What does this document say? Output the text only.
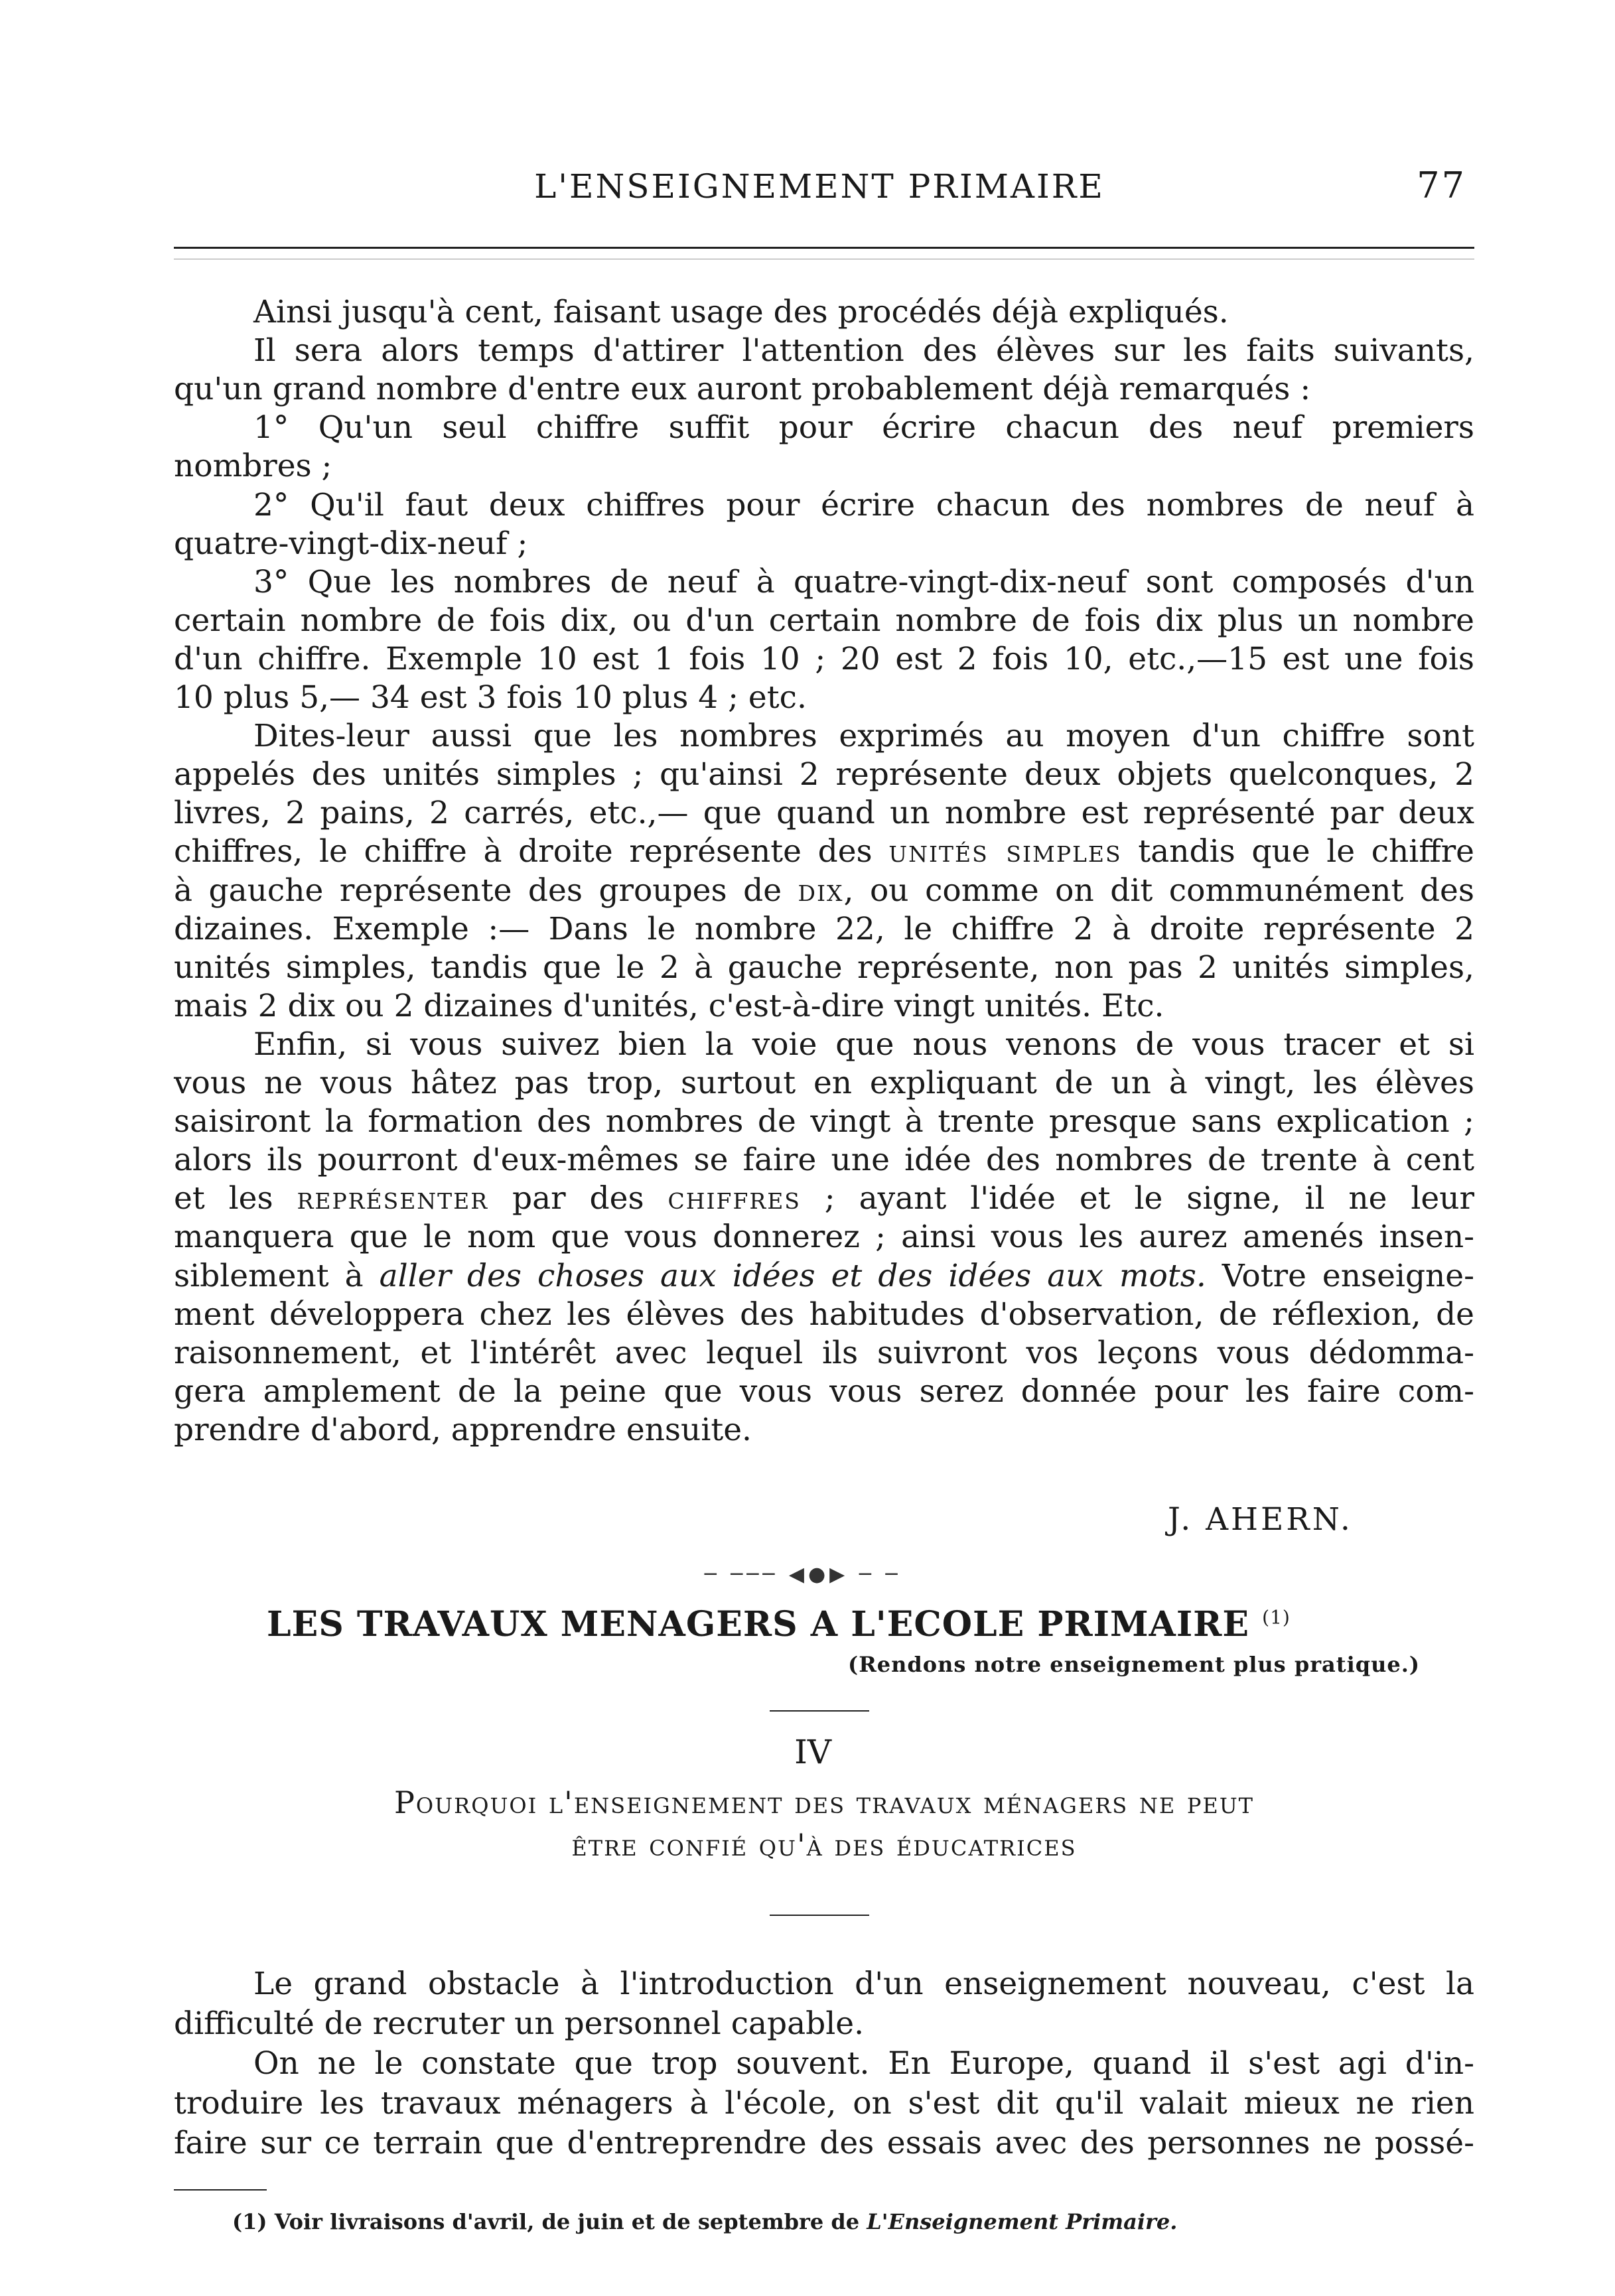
L'ENSEIGNEMENT PRIMAIRE	77
Ainsi jusqu'à cent, faisant usage des procédés déjà expliqués.
Il sera alors temps d'attirer l'attention des élèves sur les faits suivants,
qu'un grand nombre d'entre eux auront probablement déjà remarqués :
1° Qu'un seul chiffre suffit pour écrire chacun des neuf premiers
nombres ;
2° Qu'il faut deux chiffres pour écrire chacun des nombres de neuf à
quatre-vingt-dix-neuf ;
3° Que les nombres de neuf à quatre-vingt-dix-neuf sont composés d'un
certain nombre de fois dix, ou d'un certain nombre de fois dix plus un nombre
d'un chiffre. Exemple 10 est 1 fois 10 ; 20 est 2 fois 10, etc.,—15 est une fois
10 plus 5,— 34 est 3 fois 10 plus 4 ; etc.
Dites-leur aussi que les nombres exprimés au moyen d'un chiffre sont
appelés des unités simples ; qu'ainsi 2 représente deux objets quelconques, 2
livres, 2 pains, 2 carrés, etc.,— que quand un nombre est représenté par deux
chiffres, le chiffre à droite représente des unités simples tandis que le chiffre
à gauche représente des groupes de dix, ou comme on dit communément des
dizaines. Exemple :— Dans le nombre 22, le chiffre 2 à droite représente 2
unités simples, tandis que le 2 à gauche représente, non pas 2 unités simples,
mais 2 dix ou 2 dizaines d'unités, c'est-à-dire vingt unités. Etc.
Enfin, si vous suivez bien la voie que nous venons de vous tracer et si
vous ne vous hâtez pas trop, surtout en expliquant de un à vingt, les élèves
saisiront la formation des nombres de vingt à trente presque sans explication ;
alors ils pourront d'eux-mêmes se faire une idée des nombres de trente à cent
et les représenter par des chiffres ; ayant l'idée et le signe, il ne leur
manquera que le nom que vous donnerez ; ainsi vous les aurez amenés insen-
siblement à aller des choses aux idées et des idées aux mots. Votre enseigne-
ment développera chez les élèves des habitudes d'observation, de réflexion, de
raisonnement, et l'intérêt avec lequel ils suivront vos leçons vous dédomma-
gera amplement de la peine que vous vous serez donnée pour les faire com-
prendre d'abord, apprendre ensuite.
J. AHERN.
─ ─── ◀●▶ ─ ─
LES TRAVAUX MENAGERS A L'ECOLE PRIMAIRE $^{(1)}$
(Rendons notre enseignement plus pratique.)
IV
Pourquoi l'enseignement des travaux ménagers ne peut
être confié qu'à des éducatrices
Le grand obstacle à l'introduction d'un enseignement nouveau, c'est la
difficulté de recruter un personnel capable.
On ne le constate que trop souvent. En Europe, quand il s'est agi d'in-
troduire les travaux ménagers à l'école, on s'est dit qu'il valait mieux ne rien
faire sur ce terrain que d'entreprendre des essais avec des personnes ne possé-
(1) Voir livraisons d'avril, de juin et de septembre de L'Enseignement Primaire.
